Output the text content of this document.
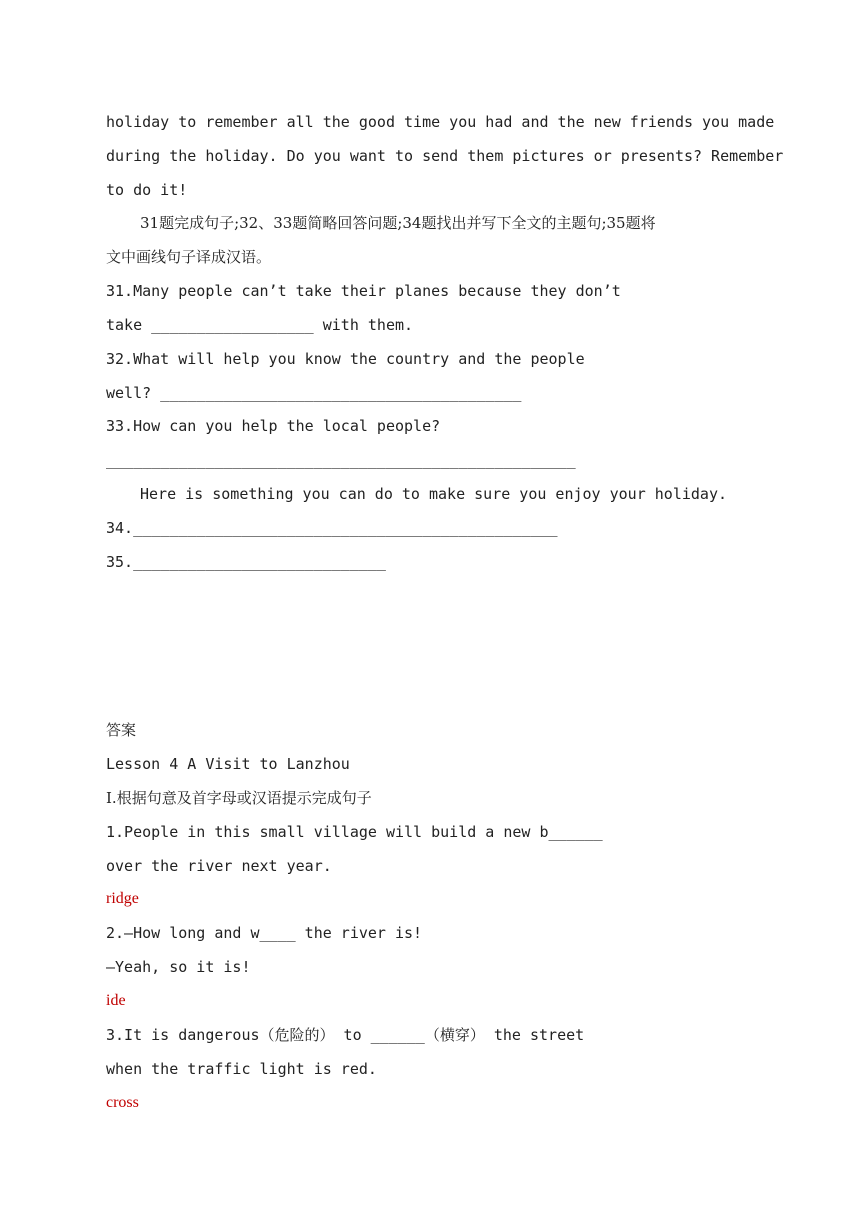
holiday to remember all the good time you had and the new friends you made
during the holiday. Do you want to send them pictures or presents? Remember
to do it!
31题完成句子;32、33题简略回答问题;34题找出并写下全文的主题句;35题将
文中画线句子译成汉语。
31.Many people can’t take their planes because they don’t
take __________________ with them.
32.What will help you know the country and the people
well? ________________________________________
33.How can you help the local people?
____________________________________________________
Here is something you can do to make sure you enjoy your holiday.
34._______________________________________________
35.____________________________
答案
Lesson 4 A Visit to Lanzhou
Ⅰ.根据句意及首字母或汉语提示完成句子
1.People in this small village will build a new b______
over the river next year.
ridge
2.—How long and w____ the river is!
—Yeah, so it is!
ide
3.It is dangerous（危险的） to ______（横穿） the street
when the traffic light is red.
cross
